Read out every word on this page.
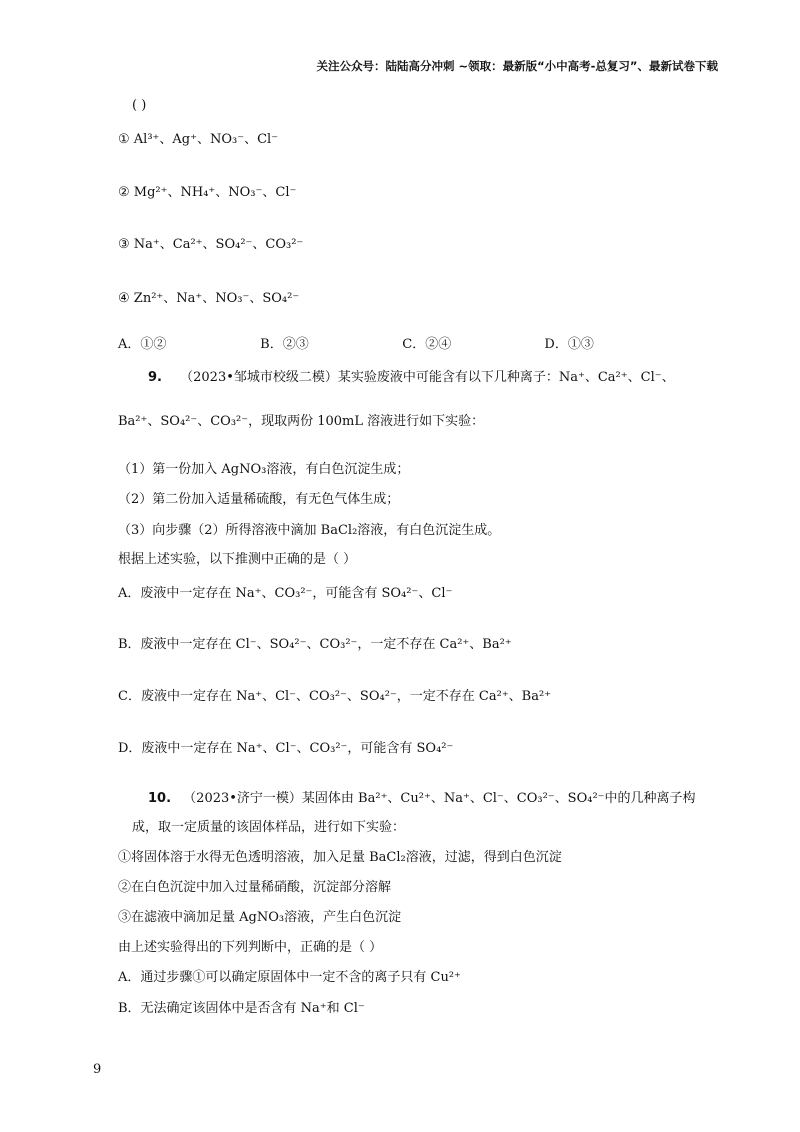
关注公众号：陆陆高分冲刺 ~领取：最新版“小中高考-总复习”、最新试卷下载
( )
① Al³⁺、Ag⁺、NO₃⁻、Cl⁻
② Mg²⁺、NH₄⁺、NO₃⁻、Cl⁻
③ Na⁺、Ca²⁺、SO₄²⁻、CO₃²⁻
④ Zn²⁺、Na⁺、NO₃⁻、SO₄²⁻
A．①②	B．②③	C．②④	D．①③
9. （2023•邹城市校级二模）某实验废液中可能含有以下几种离子：Na⁺、Ca²⁺、Cl⁻、
Ba²⁺、SO₄²⁻、CO₃²⁻，现取两份 100mL 溶液进行如下实验：
（1）第一份加入 AgNO₃溶液，有白色沉淀生成；
（2）第二份加入适量稀硫酸，有无色气体生成；
（3）向步骤（2）所得溶液中滴加 BaCl₂溶液，有白色沉淀生成。
根据上述实验，以下推测中正确的是（ ）
A．废液中一定存在 Na⁺、CO₃²⁻，可能含有 SO₄²⁻、Cl⁻
B．废液中一定存在 Cl⁻、SO₄²⁻、CO₃²⁻，一定不存在 Ca²⁺、Ba²⁺
C．废液中一定存在 Na⁺、Cl⁻、CO₃²⁻、SO₄²⁻，一定不存在 Ca²⁺、Ba²⁺
D．废液中一定存在 Na⁺、Cl⁻、CO₃²⁻，可能含有 SO₄²⁻
10. （2023•济宁一模）某固体由 Ba²⁺、Cu²⁺、Na⁺、Cl⁻、CO₃²⁻、SO₄²⁻中的几种离子构
成，取一定质量的该固体样品，进行如下实验：
①将固体溶于水得无色透明溶液，加入足量 BaCl₂溶液，过滤，得到白色沉淀
②在白色沉淀中加入过量稀硝酸，沉淀部分溶解
③在滤液中滴加足量 AgNO₃溶液，产生白色沉淀
由上述实验得出的下列判断中，正确的是（ ）
A．通过步骤①可以确定原固体中一定不含的离子只有 Cu²⁺
B．无法确定该固体中是否含有 Na⁺和 Cl⁻
9
